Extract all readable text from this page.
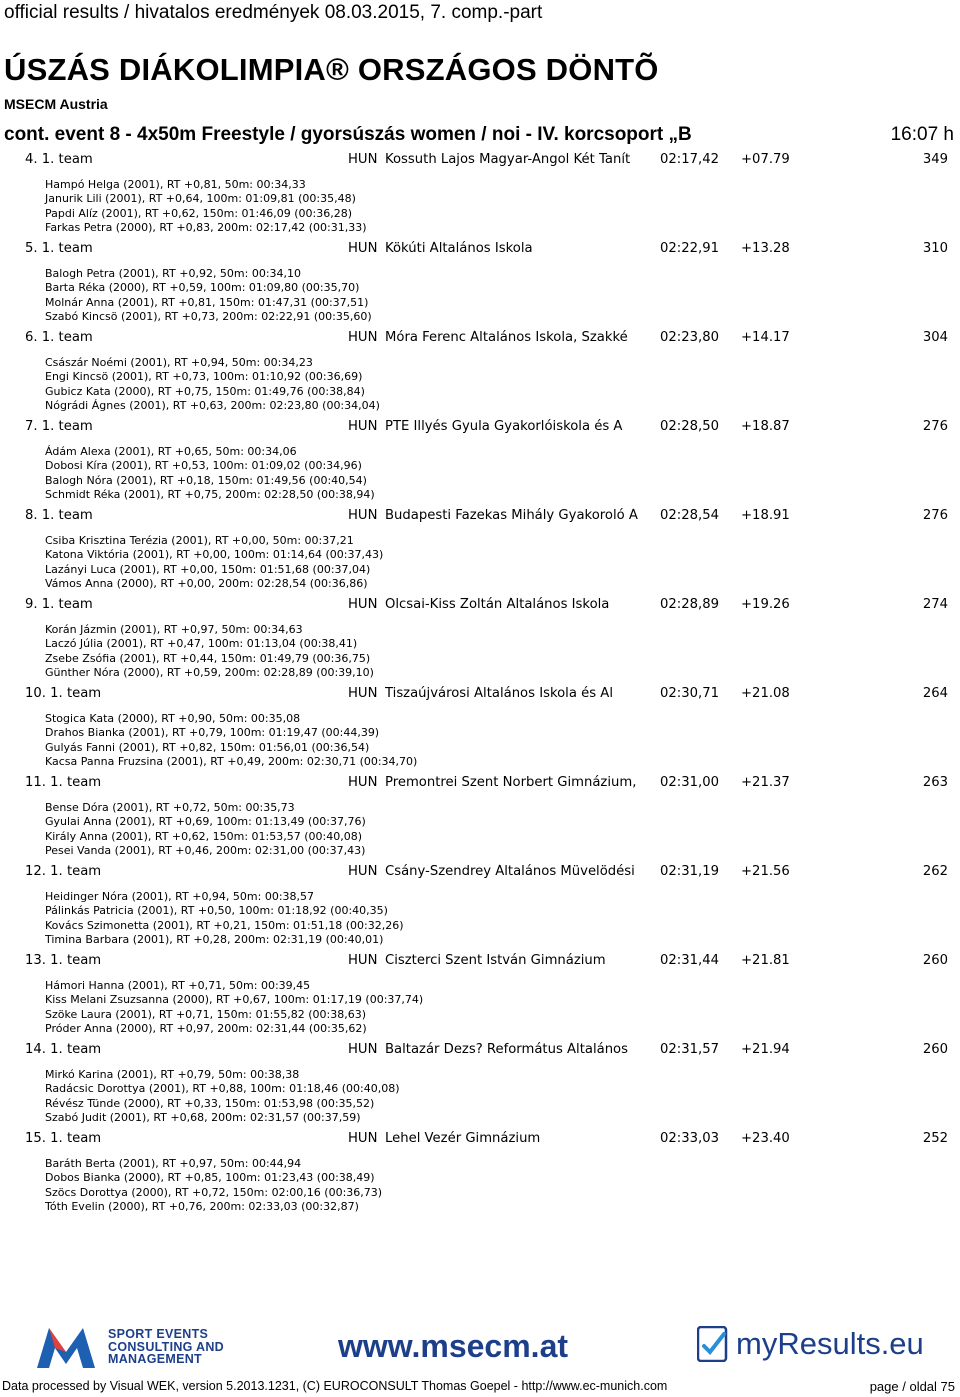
official results / hivatalos eredmények 08.03.2015, 7. comp.-part
ÚSZÁS DIÁKOLIMPIA® ORSZÁGOS DÖNTÕ
MSECM Austria
cont. event 8 - 4x50m Freestyle / gyorsúszás women / noi - IV. korcsoport „B	16:07 h
4. 1. team	HUN Kossuth Lajos Magyar-Angol Két Tanít	02:17,42 +07.79	349
Hampó Helga (2001), RT +0,81, 50m: 00:34,33
Janurik Lili (2001), RT +0,64, 100m: 01:09,81 (00:35,48)
Papdi Alíz (2001), RT +0,62, 150m: 01:46,09 (00:36,28)
Farkas Petra (2000), RT +0,83, 200m: 02:17,42 (00:31,33)
5. 1. team	HUN Kökúti Általános Iskola	02:22,91 +13.28	310
Balogh Petra (2001), RT +0,92, 50m: 00:34,10
Barta Réka (2000), RT +0,59, 100m: 01:09,80 (00:35,70)
Molnár Anna (2001), RT +0,81, 150m: 01:47,31 (00:37,51)
Szabó Kincsö (2001), RT +0,73, 200m: 02:22,91 (00:35,60)
6. 1. team	HUN Móra Ferenc Általános Iskola, Szakké	02:23,80 +14.17	304
Császár Noémi (2001), RT +0,94, 50m: 00:34,23
Engi Kincsö (2001), RT +0,73, 100m: 01:10,92 (00:36,69)
Gubicz Kata (2000), RT +0,75, 150m: 01:49,76 (00:38,84)
Nógrádi Ágnes (2001), RT +0,63, 200m: 02:23,80 (00:34,04)
7. 1. team	HUN PTE Illyés Gyula Gyakorlóiskola és A	02:28,50 +18.87	276
Ádám Alexa (2001), RT +0,65, 50m: 00:34,06
Dobosi Kíra (2001), RT +0,53, 100m: 01:09,02 (00:34,96)
Balogh Nóra (2001), RT +0,18, 150m: 01:49,56 (00:40,54)
Schmidt Réka (2001), RT +0,75, 200m: 02:28,50 (00:38,94)
8. 1. team	HUN Budapesti Fazekas Mihály Gyakoroló Á	02:28,54 +18.91	276
Csiba Krisztina Terézia (2001), RT +0,00, 50m: 00:37,21
Katona Viktória (2001), RT +0,00, 100m: 01:14,64 (00:37,43)
Lazányi Luca (2001), RT +0,00, 150m: 01:51,68 (00:37,04)
Vámos Anna (2000), RT +0,00, 200m: 02:28,54 (00:36,86)
9. 1. team	HUN Olcsai-Kiss Zoltán Általános Iskola	02:28,89 +19.26	274
Korán Jázmin (2001), RT +0,97, 50m: 00:34,63
Laczó Júlia (2001), RT +0,47, 100m: 01:13,04 (00:38,41)
Zsebe Zsófia (2001), RT +0,44, 150m: 01:49,79 (00:36,75)
Günther Nóra (2000), RT +0,59, 200m: 02:28,89 (00:39,10)
10. 1. team	HUN Tiszaújvárosi Általános Iskola és Al	02:30,71 +21.08	264
Stogica Kata (2000), RT +0,90, 50m: 00:35,08
Drahos Bianka (2001), RT +0,79, 100m: 01:19,47 (00:44,39)
Gulyás Fanni (2001), RT +0,82, 150m: 01:56,01 (00:36,54)
Kacsa Panna Fruzsina (2001), RT +0,49, 200m: 02:30,71 (00:34,70)
11. 1. team	HUN Premontrei Szent Norbert Gimnázium,	02:31,00 +21.37	263
Bense Dóra (2001), RT +0,72, 50m: 00:35,73
Gyulai Anna (2001), RT +0,69, 100m: 01:13,49 (00:37,76)
Király Anna (2001), RT +0,62, 150m: 01:53,57 (00:40,08)
Pesei Vanda (2001), RT +0,46, 200m: 02:31,00 (00:37,43)
12. 1. team	HUN Csány-Szendrey Általános Müvelödési	02:31,19 +21.56	262
Heidinger Nóra (2001), RT +0,94, 50m: 00:38,57
Pálinkás Patricia (2001), RT +0,50, 100m: 01:18,92 (00:40,35)
Kovács Szimonetta (2001), RT +0,21, 150m: 01:51,18 (00:32,26)
Timina Barbara (2001), RT +0,28, 200m: 02:31,19 (00:40,01)
13. 1. team	HUN Ciszterci Szent István Gimnázium	02:31,44 +21.81	260
Hámori Hanna (2001), RT +0,71, 50m: 00:39,45
Kiss Melani Zsuzsanna (2000), RT +0,67, 100m: 01:17,19 (00:37,74)
Szöke Laura (2001), RT +0,71, 150m: 01:55,82 (00:38,63)
Próder Anna (2000), RT +0,97, 200m: 02:31,44 (00:35,62)
14. 1. team	HUN Baltazár Dezs? Református Általános	02:31,57 +21.94	260
Mirkó Karina (2001), RT +0,79, 50m: 00:38,38
Radácsic Dorottya (2001), RT +0,88, 100m: 01:18,46 (00:40,08)
Révész Tünde (2000), RT +0,33, 150m: 01:53,98 (00:35,52)
Szabó Judit (2001), RT +0,68, 200m: 02:31,57 (00:37,59)
15. 1. team	HUN Lehel Vezér Gimnázium	02:33,03 +23.40	252
Baráth Berta (2001), RT +0,97, 50m: 00:44,94
Dobos Bianka (2000), RT +0,85, 100m: 01:23,43 (00:38,49)
Szöcs Dorottya (2000), RT +0,72, 150m: 02:00,16 (00:36,73)
Tóth Evelin (2000), RT +0,76, 200m: 02:33,03 (00:32,87)
SPORT EVENTS
CONSULTING AND
MANAGEMENT	www.msecm.at	myResults.eu
Data processed by Visual WEK, version 5.2013.1231, (C) EUROCONSULT Thomas Goepel - http://www.ec-munich.com	page / oldal 75
